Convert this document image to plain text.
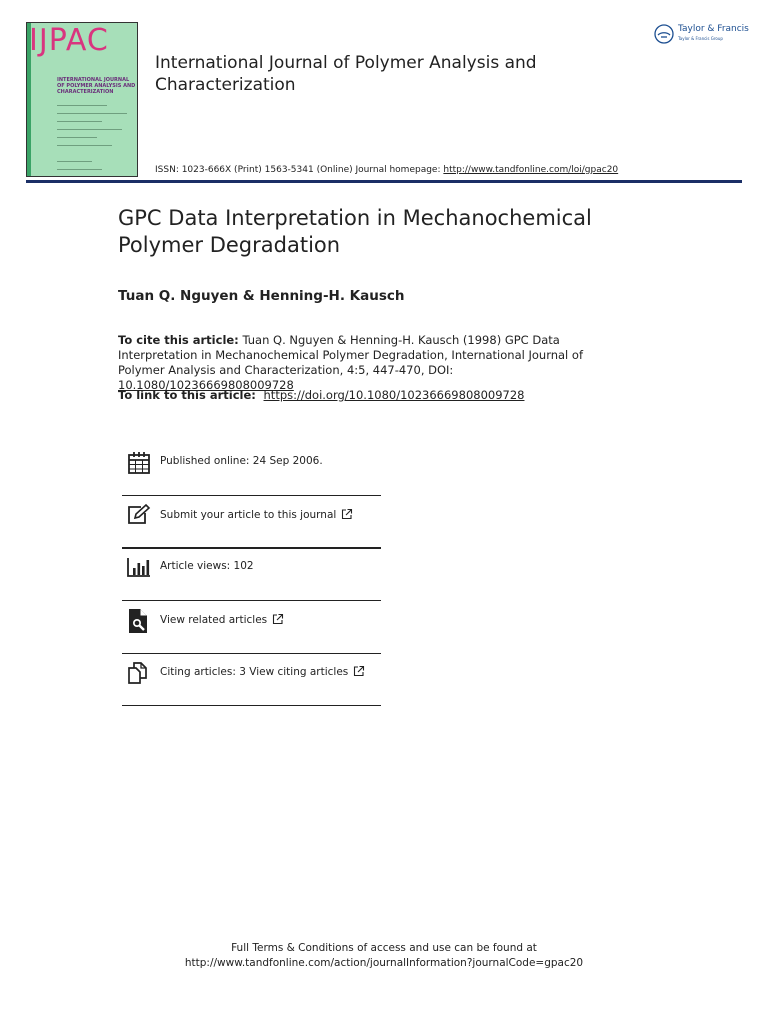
IJPAC
INTERNATIONAL JOURNAL OF POLYMER ANALYSIS AND CHARACTERIZATION
International Journal of Polymer Analysis and Characterization
ISSN: 1023-666X (Print) 1563-5341 (Online) Journal homepage: http://www.tandfonline.com/loi/gpac20
Taylor & Francis
Taylor & Francis Group
GPC Data Interpretation in Mechanochemical Polymer Degradation
Tuan Q. Nguyen & Henning-H. Kausch
To cite this article: Tuan Q. Nguyen & Henning-H. Kausch (1998) GPC Data Interpretation in Mechanochemical Polymer Degradation, International Journal of Polymer Analysis and Characterization, 4:5, 447-470, DOI: 10.1080/10236669808009728
To link to this article: https://doi.org/10.1080/10236669808009728
Published online: 24 Sep 2006.
Submit your article to this journal
Article views: 102
View related articles
Citing articles: 3 View citing articles
Full Terms & Conditions of access and use can be found at
http://www.tandfonline.com/action/journalInformation?journalCode=gpac20
